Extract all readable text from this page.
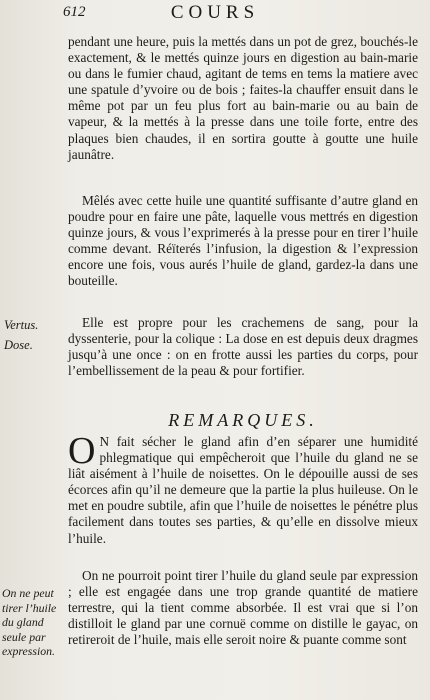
612	COURS

pendant une heure, puis la mettés dans un pot de grez, bouchés-le exactement, & le mettés quinze jours en digestion au bain-marie ou dans le fumier chaud, agitant de tems en tems la matiere avec une spatule d’yvoire ou de bois ; faites-la chauffer ensuit dans le même pot par un feu plus fort au bain-marie ou au bain de vapeur, & la mettés à la presse dans une toile forte, entre des plaques bien chaudes, il en sortira goutte à goutte une huile jaunâtre.

Mêlés avec cette huile une quantité suffisante d’autre gland en poudre pour en faire une pâte, laquelle vous mettrés en digestion quinze jours, & vous l’exprimerés à la presse pour en tirer l’huile comme devant. Réïterés l’infusion, la digestion & l’expression encore une fois, vous aurés l’huile de gland, gardez-la dans une bouteille.

Vertus.
Dose.

Elle est propre pour les crachemens de sang, pour la dyssenterie, pour la colique : La dose en est depuis deux dragmes jusqu’à une once : on en frotte aussi les parties du corps, pour l’embellissement de la peau & pour fortifier.

REMARQUES.
O N fait sécher le gland afin d’en séparer une humidité phlegmatique qui empêcheroit que l’huile du gland ne se liât aisément à l’huile de noisettes. On le dépouille aussi de ses écorces afin qu’il ne demeure que la partie la plus huileuse. On le met en poudre subtile, afin que l’huile de noisettes le pénétre plus facilement dans toutes ses parties, & qu’elle en dissolve mieux l’huile.
On ne peut tirer l’huile du gland seule par expression.

On ne pourroit point tirer l’huile du gland seule par expression ; elle est engagée dans une trop grande quantité de matiere terrestre, qui la tient comme absorbée. Il est vrai que si l’on distilloit le gland par une cornuë comme on distille le gayac, on retireroit de l’huile, mais elle seroit noire & puante comme sont
